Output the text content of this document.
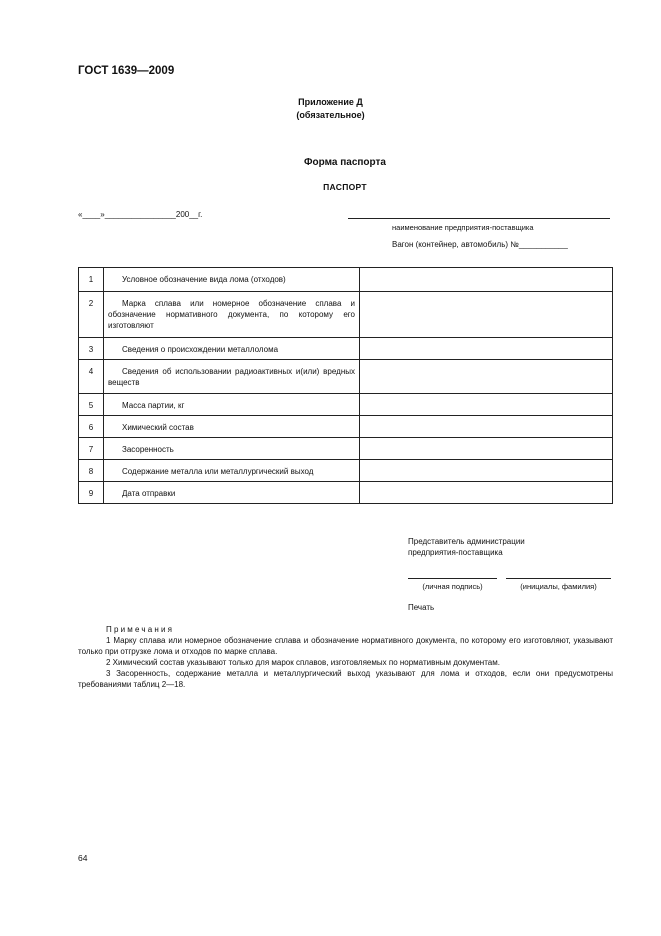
ГОСТ 1639—2009
Приложение Д
(обязательное)
Форма паспорта
ПАСПОРТ
«____»________________200__г.
наименование предприятия-поставщика
Вагон (контейнер, автомобиль) №___________
1	Условное обозначение вида лома (отходов)	
2	Марка сплава или номерное обозначение сплава и обозначение нормативного документа, по которому его изготовляют	
3	Сведения о происхождении металлолома	
4	Сведения об использовании радиоактивных и(или) вредных веществ	
5	Масса партии, кг	
6	Химический состав	
7	Засоренность	
8	Содержание металла или металлургический выход	
9	Дата отправки	
Представитель администрации
предприятия-поставщика
(личная подпись)	(инициалы, фамилия)
Печать
Примечания
1 Марку сплава или номерное обозначение сплава и обозначение нормативного документа, по которому его изготовляют, указывают только при отгрузке лома и отходов по марке сплава.
2 Химический состав указывают только для марок сплавов, изготовляемых по нормативным документам.
3 Засоренность, содержание металла и металлургический выход указывают для лома и отходов, если они предусмотрены требованиями таблиц 2—18.
64
